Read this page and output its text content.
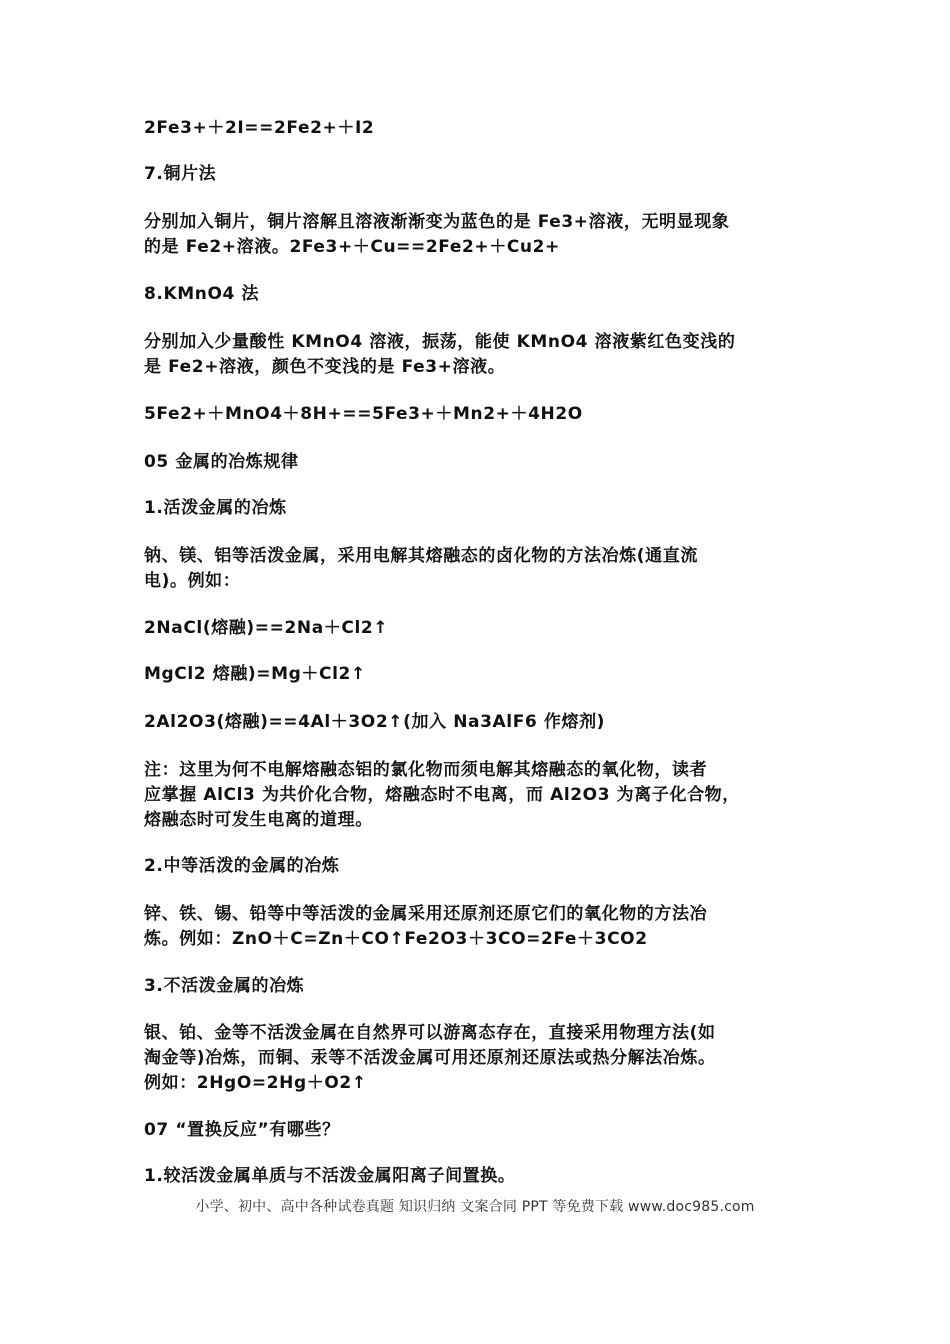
2Fe3+＋2I==2Fe2+＋I2

7.铜片法

分别加入铜片，铜片溶解且溶液渐渐变为蓝色的是 Fe3+溶液，无明显现象

的是 Fe2+溶液。2Fe3+＋Cu==2Fe2+＋Cu2+

8.KMnO4 法

分别加入少量酸性 KMnO4 溶液，振荡，能使 KMnO4 溶液紫红色变浅的

是 Fe2+溶液，颜色不变浅的是 Fe3+溶液。

5Fe2+＋MnO4＋8H+==5Fe3+＋Mn2+＋4H2O

05 金属的冶炼规律

1.活泼金属的冶炼

钠、镁、铝等活泼金属，采用电解其熔融态的卤化物的方法冶炼(通直流

电)。例如：

2NaCl(熔融)==2Na＋Cl2↑

MgCl2 熔融)=Mg＋Cl2↑

2Al2O3(熔融)==4Al＋3O2↑(加入 Na3AlF6 作熔剂)

注：这里为何不电解熔融态铝的氯化物而须电解其熔融态的氧化物，读者

应掌握 AlCl3 为共价化合物，熔融态时不电离，而 Al2O3 为离子化合物，

熔融态时可发生电离的道理。

2.中等活泼的金属的冶炼

锌、铁、锡、铅等中等活泼的金属采用还原剂还原它们的氧化物的方法冶

炼。例如：ZnO＋C=Zn＋CO↑Fe2O3＋3CO=2Fe＋3CO2

3.不活泼金属的冶炼

银、铂、金等不活泼金属在自然界可以游离态存在，直接采用物理方法(如

淘金等)冶炼，而铜、汞等不活泼金属可用还原剂还原法或热分解法冶炼。

例如：2HgO=2Hg＋O2↑

07 “置换反应”有哪些？

1.较活泼金属单质与不活泼金属阳离子间置换。

小学、初中、高中各种试卷真题 知识归纳 文案合同 PPT 等免费下载 www.doc985.com
